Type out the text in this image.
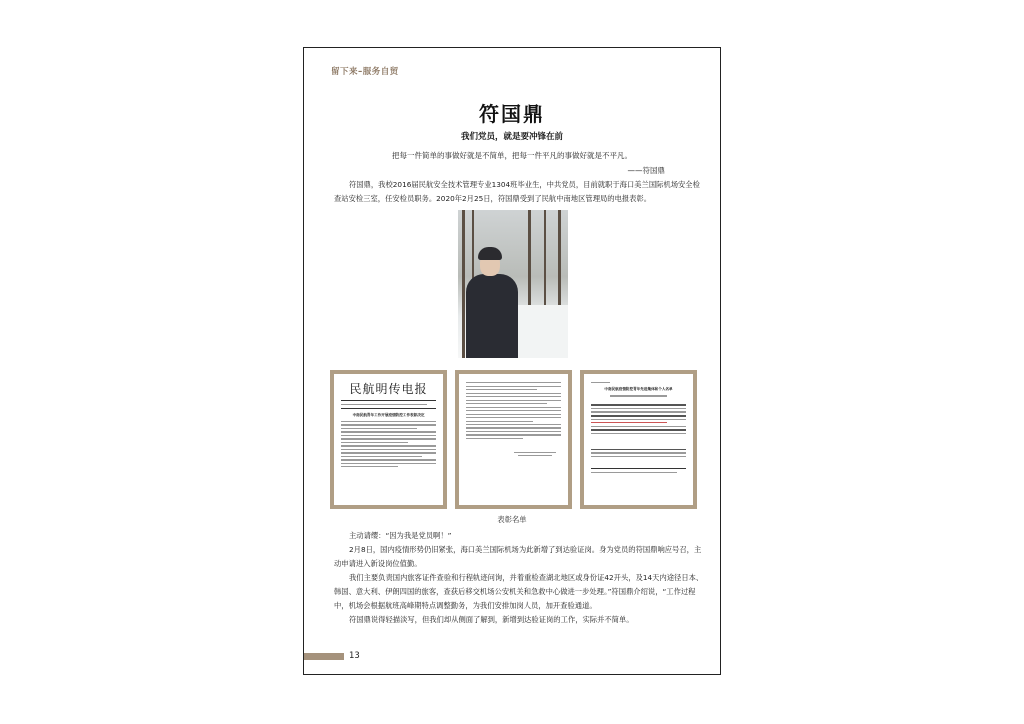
留下来–服务自贸
符国鼎
我们党员，就是要冲锋在前
把每一件简单的事做好就是不简单，把每一件平凡的事做好就是不平凡。
——符国鼎

符国鼎，我校2016届民航安全技术管理专业1304班毕业生，中共党员，目前就职于海口美兰国际机场安全检查站安检三室，任安检员职务。2020年2月25日，符国鼎受到了民航中南地区管理局的电报表彰。

民航明传电报
中南民航青年工作开展疫情防控工作表彰决定
中南民航疫情防控青年先进集体和个人名单
表彰名单

主动请缨：“因为我是党员啊！”

2月8日，国内疫情形势仍旧紧张，海口美兰国际机场为此新增了到达验证岗。身为党员的符国鼎响应号召，主动申请进入新设岗位值勤。

我们主要负责国内旅客证件查验和行程轨迹问询，并着重检查湖北地区或身份证42开头，及14天内途径日本、韩国、意大利、伊朗四国的旅客，查获后移交机场公安机关和急救中心做进一步处理。”符国鼎介绍说，“工作过程中，机场会根据航班高峰期特点调整勤务，为我们安排加岗人员，加开查验通道。

符国鼎说得轻描淡写，但我们却从侧面了解到，新增到达验证岗的工作，实际并不简单。

13
